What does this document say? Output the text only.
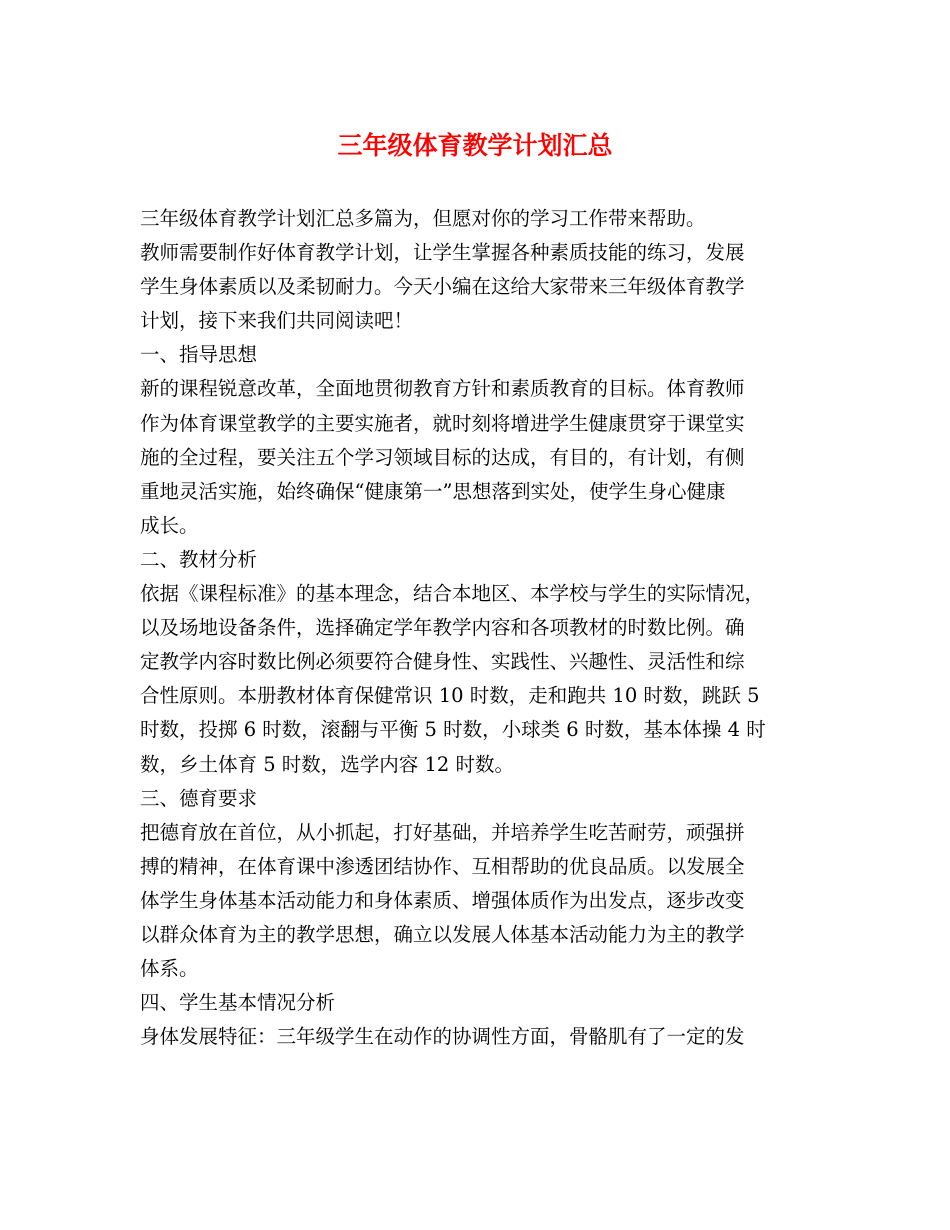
三年级体育教学计划汇总
三年级体育教学计划汇总多篇为，但愿对你的学习工作带来帮助。
教师需要制作好体育教学计划，让学生掌握各种素质技能的练习，发展
学生身体素质以及柔韧耐力。今天小编在这给大家带来三年级体育教学
计划，接下来我们共同阅读吧！
一、指导思想
新的课程锐意改革，全面地贯彻教育方针和素质教育的目标。体育教师
作为体育课堂教学的主要实施者，就时刻将增进学生健康贯穿于课堂实
施的全过程，要关注五个学习领域目标的达成，有目的，有计划，有侧
重地灵活实施，始终确保“健康第一”思想落到实处，使学生身心健康
成长。
二、教材分析
依据《课程标准》的基本理念，结合本地区、本学校与学生的实际情况，
以及场地设备条件，选择确定学年教学内容和各项教材的时数比例。确
定教学内容时数比例必须要符合健身性、实践性、兴趣性、灵活性和综
合性原则。本册教材体育保健常识 10 时数，走和跑共 10 时数，跳跃 5
时数，投掷 6 时数，滚翻与平衡 5 时数，小球类 6 时数，基本体操 4 时
数，乡土体育 5 时数，选学内容 12 时数。
三、德育要求
把德育放在首位，从小抓起，打好基础，并培养学生吃苦耐劳，顽强拼
搏的精神，在体育课中渗透团结协作、互相帮助的优良品质。以发展全
体学生身体基本活动能力和身体素质、增强体质作为出发点，逐步改变
以群众体育为主的教学思想，确立以发展人体基本活动能力为主的教学
体系。
四、学生基本情况分析
身体发展特征：三年级学生在动作的协调性方面，骨骼肌有了一定的发
